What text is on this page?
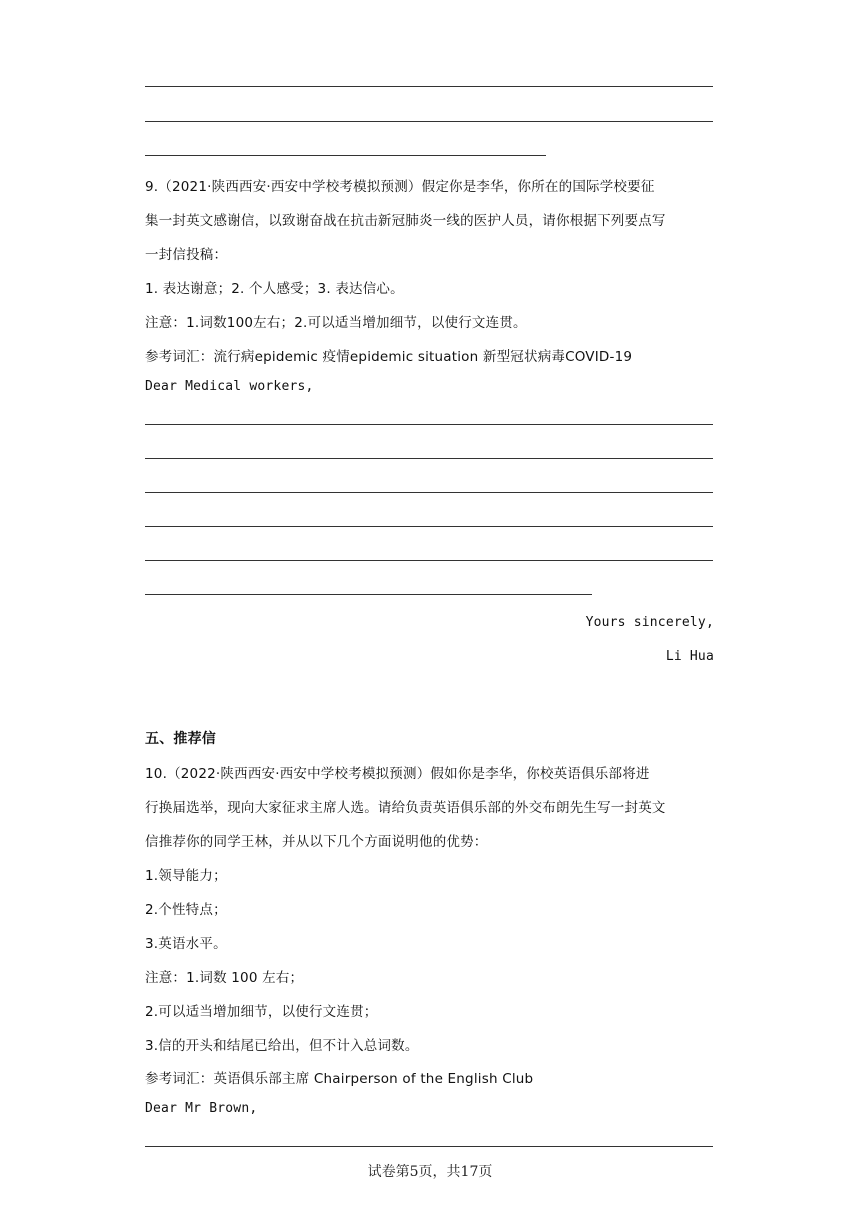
9.（2021·陕西西安·西安中学校考模拟预测）假定你是李华，你所在的国际学校要征
集一封英文感谢信，以致谢奋战在抗击新冠肺炎一线的医护人员，请你根据下列要点写
一封信投稿：
1. 表达谢意；2. 个人感受；3. 表达信心。
注意：1.词数100左右；2.可以适当增加细节，以使行文连贯。
参考词汇：流行病epidemic 疫情epidemic situation 新型冠状病毒COVID-19
Dear Medical workers,
Yours sincerely,
Li Hua
五、推荐信
10.（2022·陕西西安·西安中学校考模拟预测）假如你是李华，你校英语俱乐部将进
行换届选举，现向大家征求主席人选。请给负责英语俱乐部的外交布朗先生写一封英文
信推荐你的同学王林，并从以下几个方面说明他的优势：
1.领导能力；
2.个性特点；
3.英语水平。
注意：1.词数 100 左右；
2.可以适当增加细节，以使行文连贯；
3.信的开头和结尾已给出，但不计入总词数。
参考词汇：英语俱乐部主席 Chairperson of the English Club
Dear Mr Brown,
试卷第5页，共17页
